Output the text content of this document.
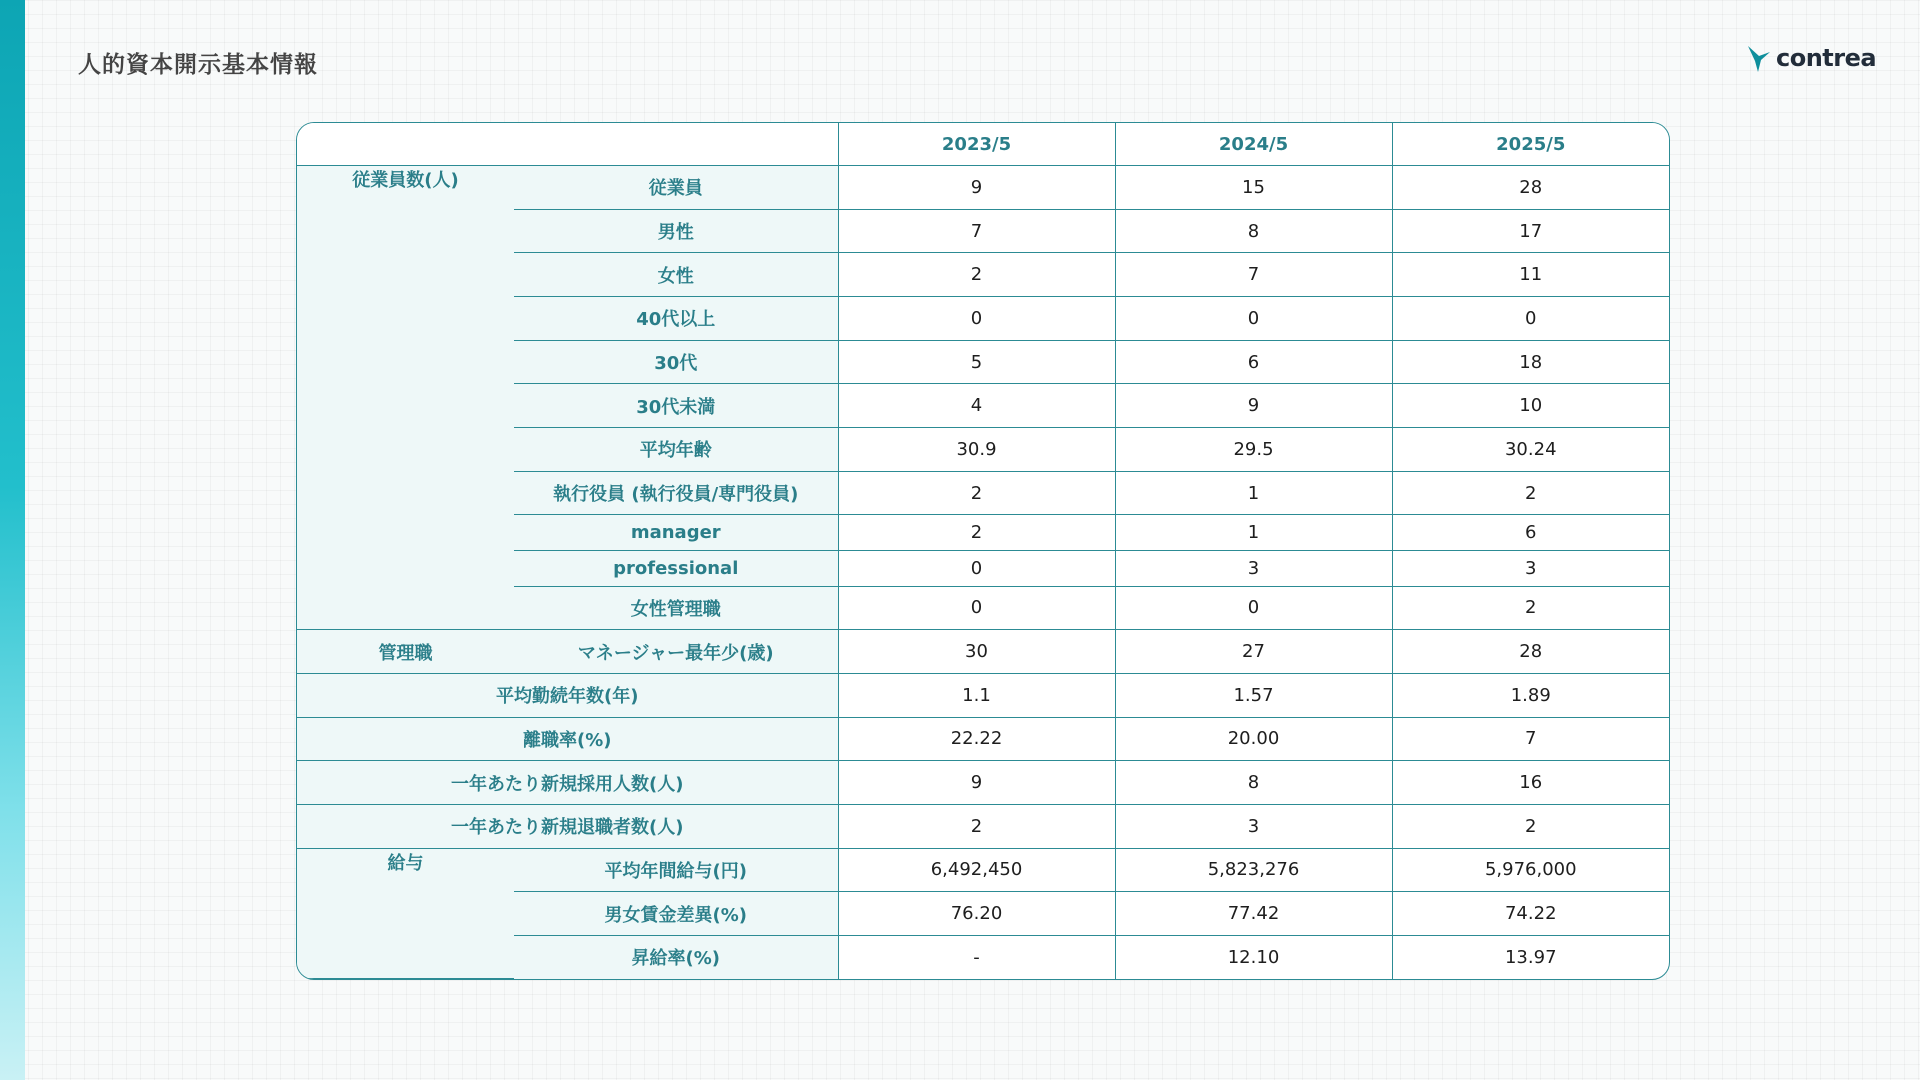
人的資本開示基本情報	contrea
		2023/5	2024/5	2025/5
従業員数(人)	従業員	9	15	28
	男性	7	8	17
	女性	2	7	11
	40代以上	0	0	0
	30代	5	6	18
	30代未満	4	9	10
	平均年齢	30.9	29.5	30.24
	執行役員 (執行役員/専門役員)	2	1	2
	manager	2	1	6
	professional	0	3	3
	女性管理職	0	0	2
管理職	マネージャー最年少(歳)	30	27	28
平均勤続年数(年)		1.1	1.57	1.89
離職率(%)		22.22	20.00	7
一年あたり新規採用人数(人)		9	8	16
一年あたり新規退職者数(人)		2	3	2
給与	平均年間給与(円)	6,492,450	5,823,276	5,976,000
	男女賃金差異(%)	76.20	77.42	74.22
	昇給率(%)	-	12.10	13.97
